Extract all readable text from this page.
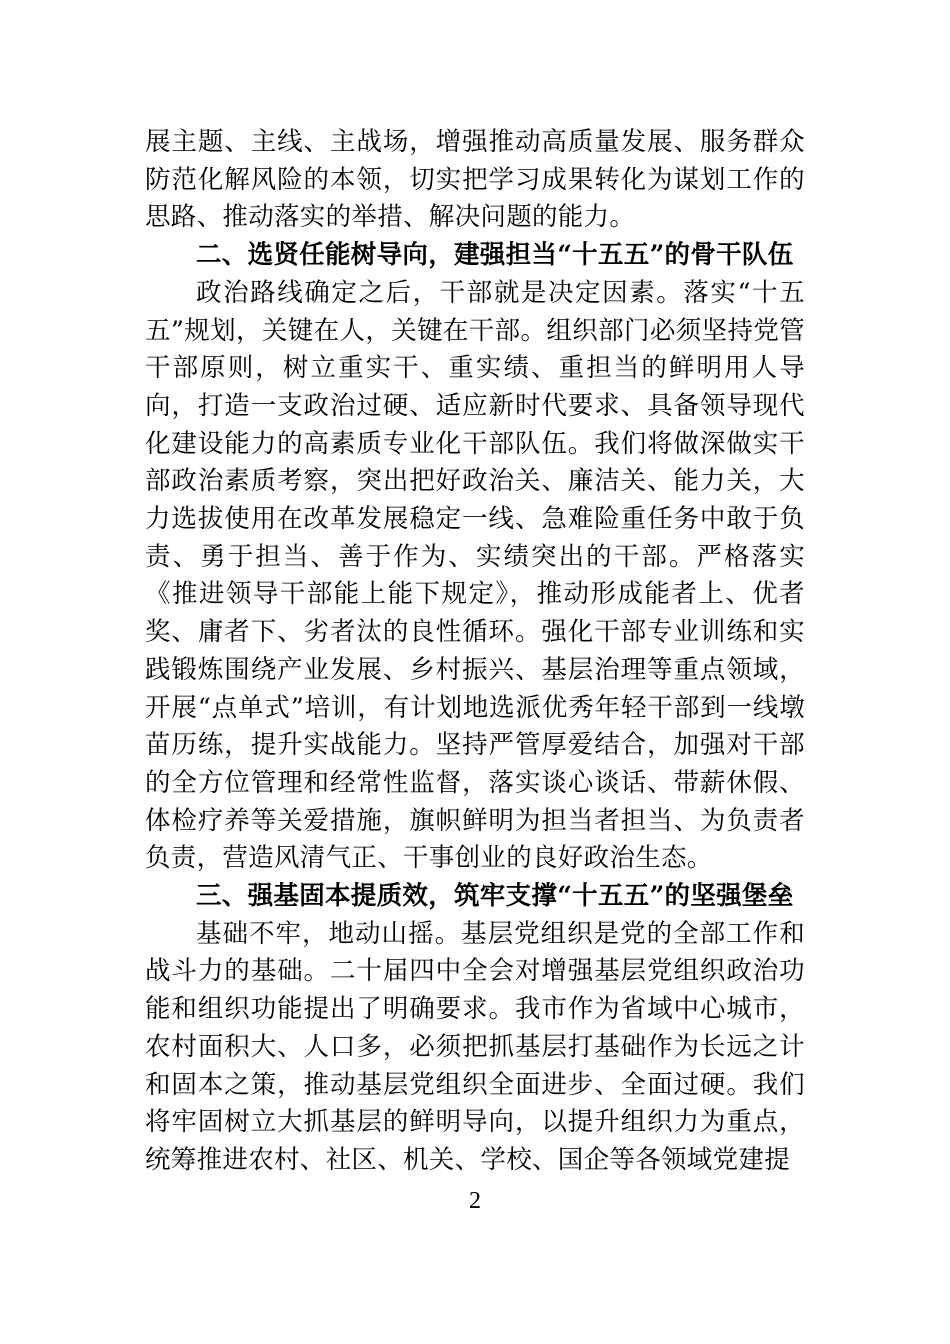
展主题、主线、主战场，增强推动高质量发展、服务群众防范化解风险的本领，切实把学习成果转化为谋划工作的思路、推动落实的举措、解决问题的能力。

二、选贤任能树导向，建强担当“十五五”的骨干队伍

政治路线确定之后，干部就是决定因素。落实“十五五”规划，关键在人，关键在干部。组织部门必须坚持党管干部原则，树立重实干、重实绩、重担当的鲜明用人导向，打造一支政治过硬、适应新时代要求、具备领导现代化建设能力的高素质专业化干部队伍。我们将做深做实干部政治素质考察，突出把好政治关、廉洁关、能力关，大力选拔使用在改革发展稳定一线、急难险重任务中敢于负责、勇于担当、善于作为、实绩突出的干部。严格落实《推进领导干部能上能下规定》，推动形成能者上、优者奖、庸者下、劣者汰的良性循环。强化干部专业训练和实践锻炼围绕产业发展、乡村振兴、基层治理等重点领域，开展“点单式”培训，有计划地选派优秀年轻干部到一线墩苗历练，提升实战能力。坚持严管厚爱结合，加强对干部的全方位管理和经常性监督，落实谈心谈话、带薪休假、体检疗养等关爱措施，旗帜鲜明为担当者担当、为负责者负责，营造风清气正、干事创业的良好政治生态。

三、强基固本提质效，筑牢支撑“十五五”的坚强堡垒

基础不牢，地动山摇。基层党组织是党的全部工作和战斗力的基础。二十届四中全会对增强基层党组织政治功能和组织功能提出了明确要求。我市作为省域中心城市，农村面积大、人口多，必须把抓基层打基础作为长远之计和固本之策，推动基层党组织全面进步、全面过硬。我们将牢固树立大抓基层的鲜明导向，以提升组织力为重点，统筹推进农村、社区、机关、学校、国企等各领域党建提

2
